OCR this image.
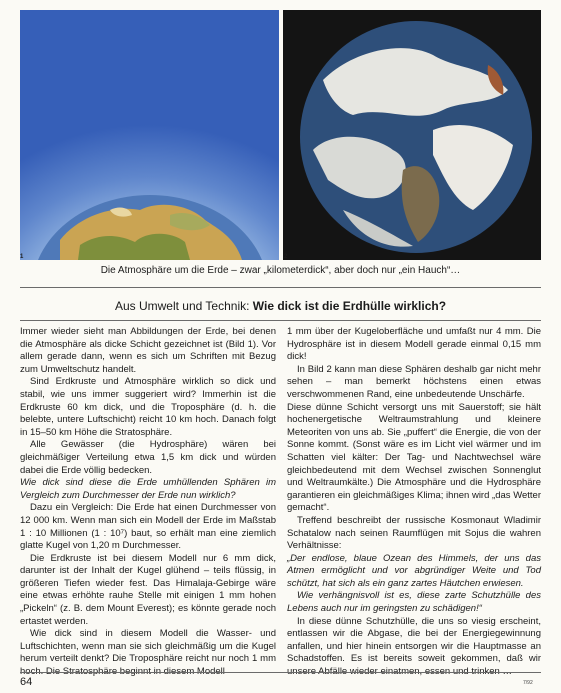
1	2
Die Atmosphäre um die Erde – zwar „kilometerdick“, aber doch nur „ein Hauch“…
Aus Umwelt und Technik: Wie dick ist die Erdhülle wirklich?

Immer wieder sieht man Abbildungen der Erde, bei denen die Atmosphäre als dicke Schicht gezeichnet ist (Bild 1). Vor allem gerade dann, wenn es sich um Schriften mit Bezug zum Umweltschutz handelt.

Sind Erdkruste und Atmosphäre wirklich so dick und stabil, wie uns immer suggeriert wird? Immerhin ist die Erdkruste 60 km dick, und die Troposphäre (d. h. die belebte, untere Luftschicht) reicht 10 km hoch. Danach folgt in 15–50 km Höhe die Stratosphäre.

Alle Gewässer (die Hydrosphäre) wären bei gleichmäßiger Verteilung etwa 1,5 km dick und würden dabei die Erde völlig bedecken.

Wie dick sind diese die Erde umhüllenden Sphären im Vergleich zum Durchmesser der Erde nun wirklich?

Dazu ein Vergleich: Die Erde hat einen Durchmesser von 12 000 km. Wenn man sich ein Modell der Erde im Maßstab 1 : 10 Millionen (1 : 10⁷) baut, so erhält man eine ziemlich glatte Kugel von 1,20 m Durchmesser.

Die Erdkruste ist bei diesem Modell nur 6 mm dick, darunter ist der Inhalt der Kugel glühend – teils flüssig, in größeren Tiefen wieder fest. Das Himalaja-Gebirge wäre eine etwas erhöhte rauhe Stelle mit einigen 1 mm hohen „Pickeln“ (z. B. dem Mount Everest); es könnte gerade noch ertastet werden.

Wie dick sind in diesem Modell die Wasser- und Luftschichten, wenn man sie sich gleichmäßig um die Kugel herum verteilt denkt? Die Troposphäre reicht nur noch 1 mm

1 mm über der Kugeloberfläche und umfaßt nur 4 mm. Die Hydrosphäre ist in diesem Modell gerade einmal 0,15 mm dick!

In Bild 2 kann man diese Sphären deshalb gar nicht mehr sehen – man bemerkt höchstens einen etwas verschwommenen Rand, eine unbedeutende Unschärfe.

Diese dünne Schicht versorgt uns mit Sauerstoff; sie hält hochenergetische Weltraumstrahlung und kleinere Meteoriten von uns ab. Sie „puffert“ die Energie, die von der Sonne kommt. (Sonst wäre es im Licht viel wärmer und im Schatten viel kälter: Der Tag- und Nachtwechsel wäre gleichbedeutend mit dem Wechsel zwischen Sonnenglut und Weltraumkälte.) Die Atmosphäre und die Hydrosphäre garantieren ein gleichmäßiges Klima; ihnen wird „das Wetter gemacht“.

Treffend beschreibt der russische Kosmonaut Wladimir Schatalow nach seinen Raumflügen mit Sojus die wahren Verhältnisse:

„Der endlose, blaue Ozean des Himmels, der uns das Atmen ermöglicht und vor abgründiger Weite und Tod schützt, hat sich als ein ganz zartes Häutchen erwiesen.

Wie verhängnisvoll ist es, diese zarte Schutzhülle des Lebens auch nur im geringsten zu schädigen!“

In diese dünne Schutzhülle, die uns so viesig erscheint, entlassen wir die Abgase, die bei der Energiegewinnung anfallen, und hier hinein entsorgen wir die Hauptmasse an Schadstoffen. Es ist bereits soweit gekommen, daß wir

64	7/92
